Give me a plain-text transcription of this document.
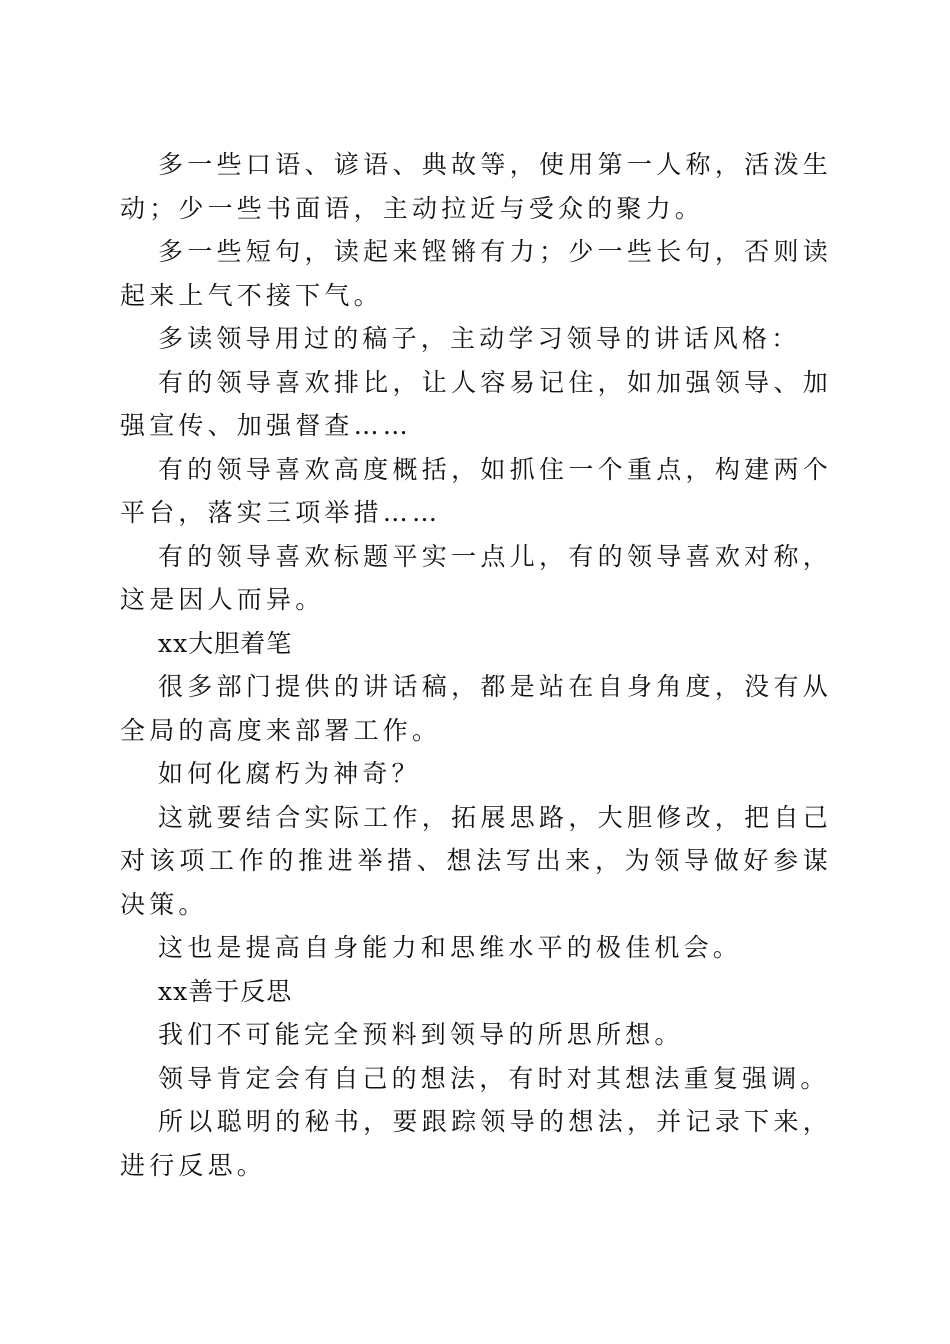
多一些口语、谚语、典故等，使用第一人称，活泼生动；少一些书面语，主动拉近与受众的聚力。

多一些短句，读起来铿锵有力；少一些长句，否则读起来上气不接下气。

多读领导用过的稿子，主动学习领导的讲话风格：

有的领导喜欢排比，让人容易记住，如加强领导、加强宣传、加强督查……

有的领导喜欢高度概括，如抓住一个重点，构建两个平台，落实三项举措……

有的领导喜欢标题平实一点儿，有的领导喜欢对称，这是因人而异。

xx大胆着笔

很多部门提供的讲话稿，都是站在自身角度，没有从全局的高度来部署工作。

如何化腐朽为神奇？

这就要结合实际工作，拓展思路，大胆修改，把自己对该项工作的推进举措、想法写出来，为领导做好参谋决策。

这也是提高自身能力和思维水平的极佳机会。

xx善于反思

我们不可能完全预料到领导的所思所想。

领导肯定会有自己的想法，有时对其想法重复强调。

所以聪明的秘书，要跟踪领导的想法，并记录下来，进行反思。
